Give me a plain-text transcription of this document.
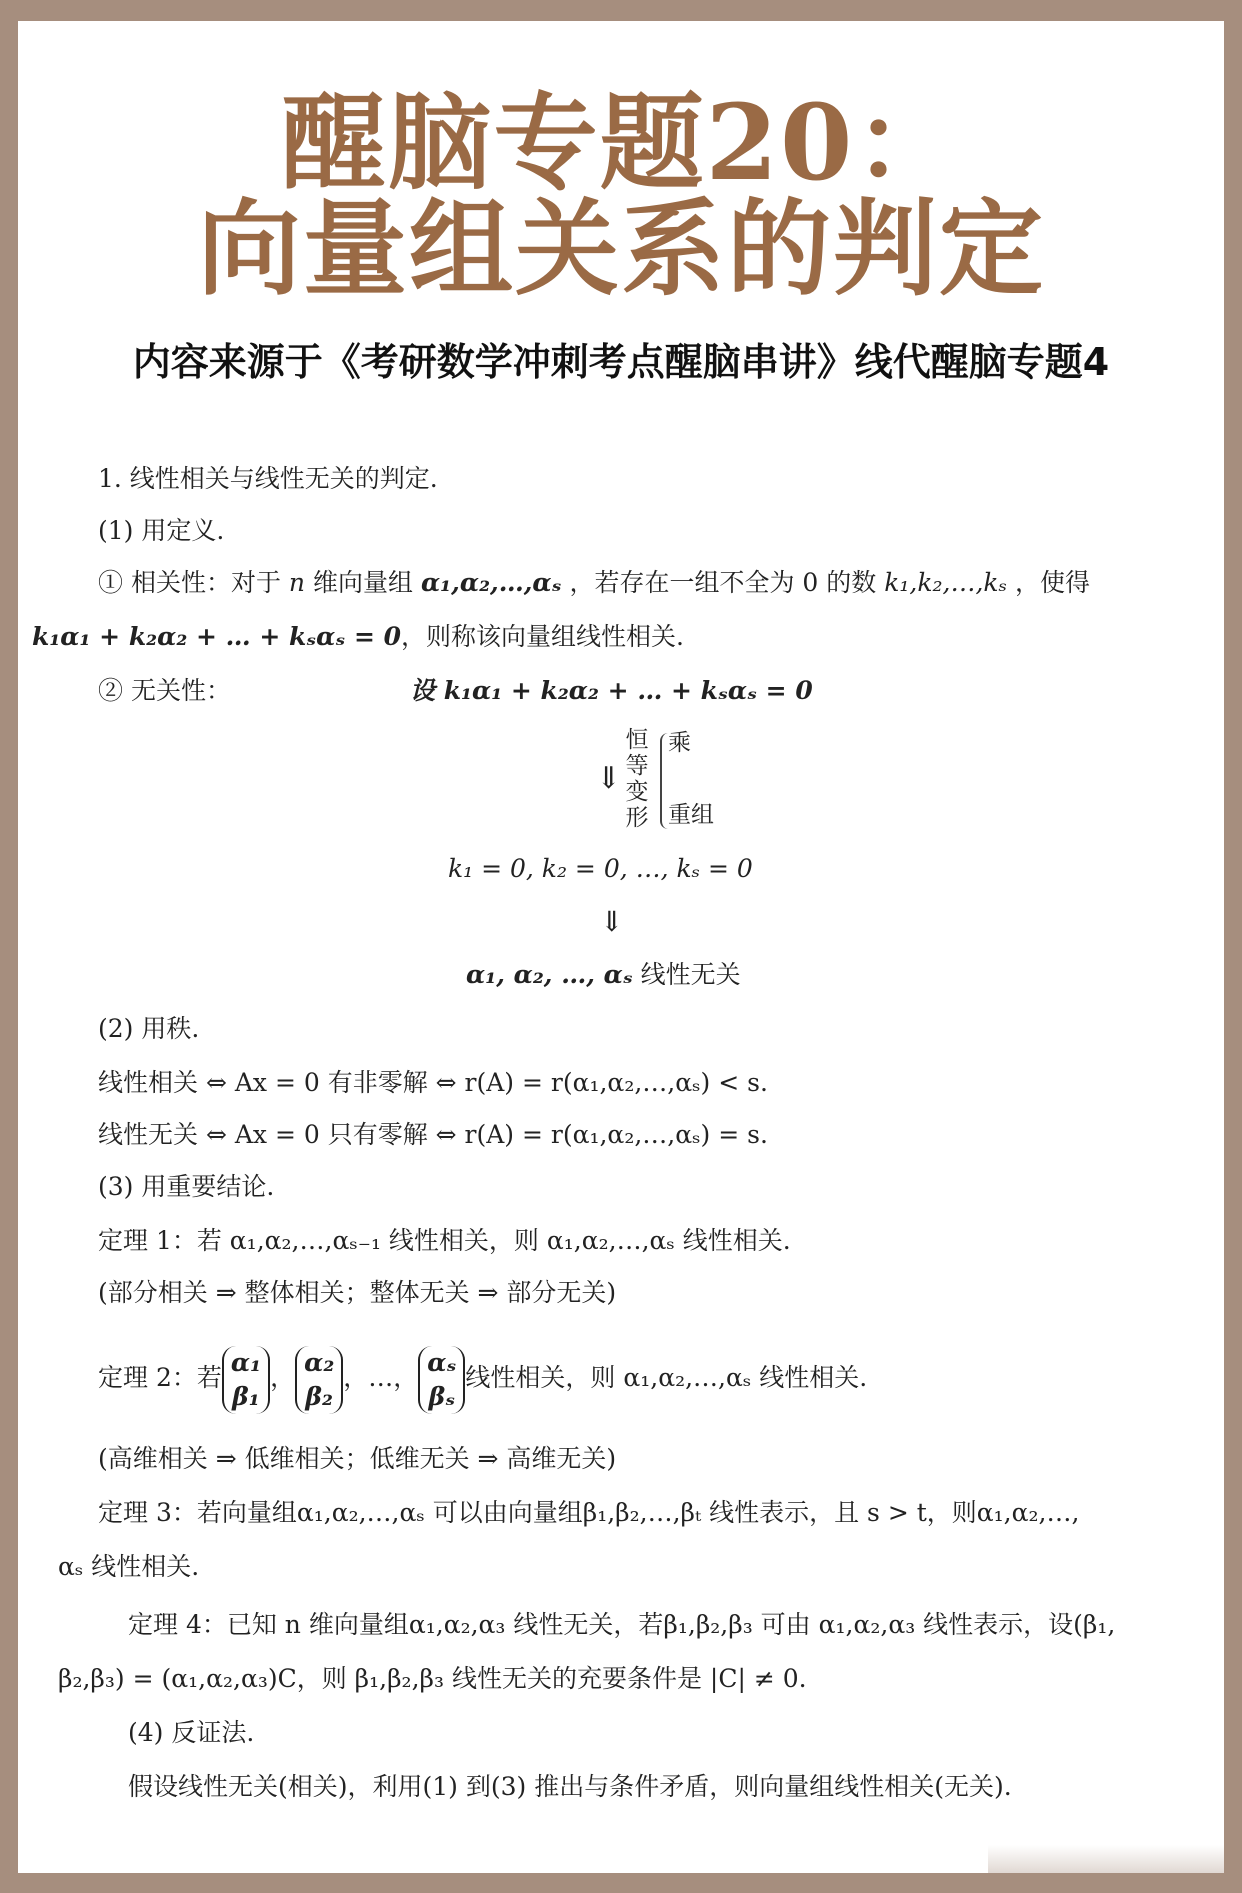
醒脑专题20：
向量组关系的判定
内容来源于《考研数学冲刺考点醒脑串讲》线代醒脑专题4
1. 线性相关与线性无关的判定.
(1) 用定义.
① 相关性：对于 n 维向量组 α₁,α₂,…,αₛ ，若存在一组不全为 0 的数 k₁,k₂,…,kₛ ，使得
k₁α₁ + k₂α₂ + … + kₛαₛ = 0，则称该向量组线性相关.
② 无关性：	设 k₁α₁ + k₂α₂ + … + kₛαₛ = 0
⇓
恒
等
变
形
乘
重组
k₁ = 0, k₂ = 0, …, kₛ = 0
⇓
α₁, α₂, …, αₛ 线性无关
(2) 用秩.
线性相关 ⇔ Ax = 0 有非零解 ⇔ r(A) = r(α₁,α₂,…,αₛ) < s.
线性无关 ⇔ Ax = 0 只有零解 ⇔ r(A) = r(α₁,α₂,…,αₛ) = s.
(3) 用重要结论.
定理 1：若 α₁,α₂,…,αₛ₋₁ 线性相关，则 α₁,α₂,…,αₛ 线性相关.
(部分相关 ⇒ 整体相关；整体无关 ⇒ 部分无关)
定理 2：若
α₁
β₁
，
α₂
β₂
，…，
αₛ
βₛ
线性相关，则 α₁,α₂,…,αₛ 线性相关.
(高维相关 ⇒ 低维相关；低维无关 ⇒ 高维无关)
定理 3：若向量组α₁,α₂,…,αₛ 可以由向量组β₁,β₂,…,βₜ 线性表示，且 s > t，则α₁,α₂,…,
αₛ 线性相关.
定理 4：已知 n 维向量组α₁,α₂,α₃ 线性无关，若β₁,β₂,β₃ 可由 α₁,α₂,α₃ 线性表示，设(β₁,
β₂,β₃) = (α₁,α₂,α₃)C，则 β₁,β₂,β₃ 线性无关的充要条件是 |C| ≠ 0.
(4) 反证法.
假设线性无关(相关)，利用(1) 到(3) 推出与条件矛盾，则向量组线性相关(无关).
